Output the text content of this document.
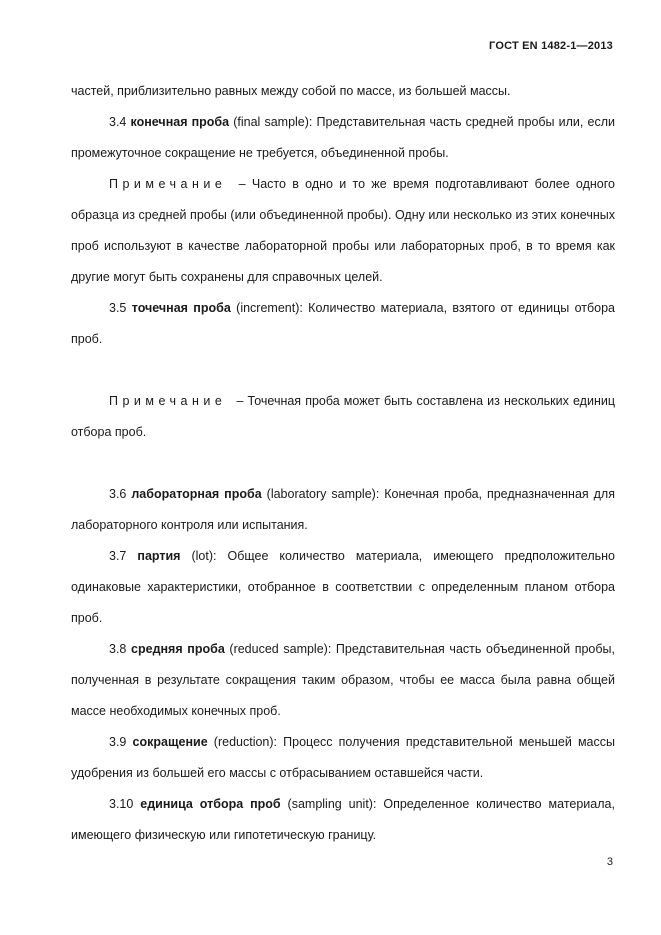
ГОСТ EN 1482-1—2013

частей, приблизительно равных между собой по массе, из большей массы.

3.4 конечная проба (final sample): Представительная часть средней пробы или, если промежуточное сокращение не требуется, объединенной пробы.

Примечание – Часто в одно и то же время подготавливают более одного образца из средней пробы (или объединенной пробы). Одну или несколько из этих конечных проб используют в качестве лабораторной пробы или лабораторных проб, в то время как другие могут быть сохранены для справочных целей.

3.5 точечная проба (increment): Количество материала, взятого от единицы отбора проб.

Примечание – Точечная проба может быть составлена из нескольких единиц отбора проб.

3.6 лабораторная проба (laboratory sample): Конечная проба, предназначенная для лабораторного контроля или испытания.

3.7 партия (lot): Общее количество материала, имеющего предположительно одинаковые характеристики, отобранное в соответствии с определенным планом отбора проб.

3.8 средняя проба (reduced sample): Представительная часть объединенной пробы, полученная в результате сокращения таким образом, чтобы ее масса была равна общей массе необходимых конечных проб.

3.9 сокращение (reduction): Процесс получения представительной меньшей массы удобрения из большей его массы с отбрасыванием оставшейся части.

3.10 единица отбора проб (sampling unit): Определенное количество материала, имеющего физическую или гипотетическую границу.

3
